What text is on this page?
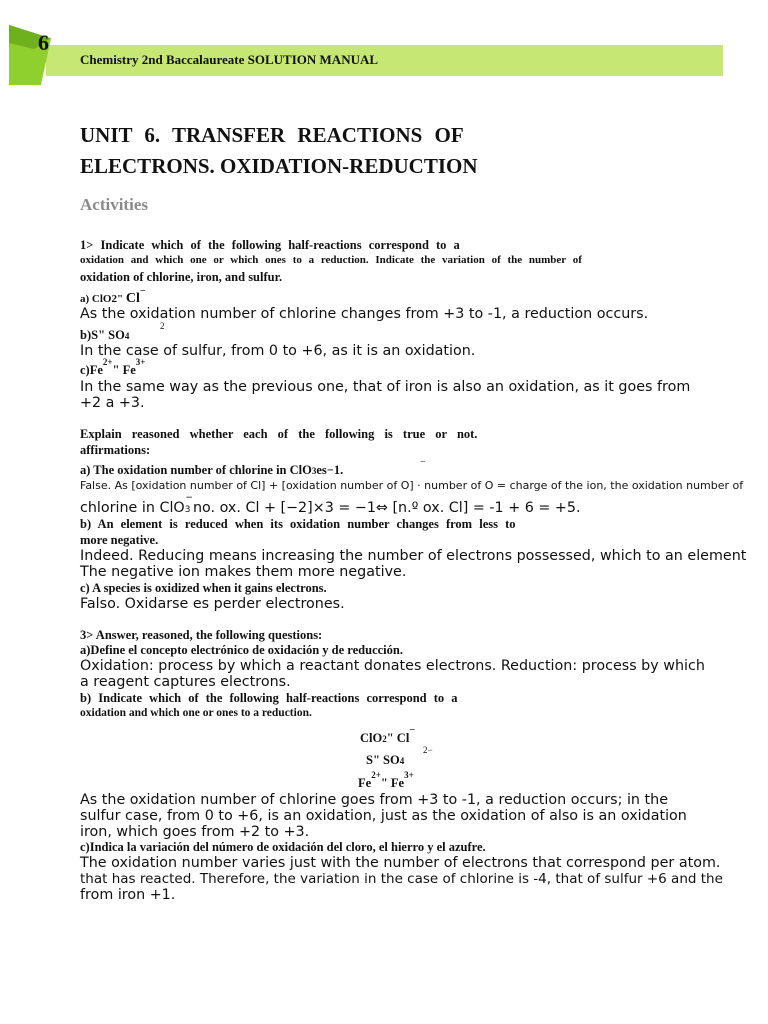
6
Chemistry 2nd Baccalaureate SOLUTION MANUAL
UNIT 6. TRANSFER REACTIONS OF
ELECTRONS. OXIDATION-REDUCTION
Activities
1> Indicate which of the following half-reactions correspond to a
oxidation and which one or which ones to a reduction. Indicate the variation of the number of
oxidation of chlorine, iron, and sulfur.
a) ClO2" Cl−
As the oxidation number of chlorine changes from +3 to -1, a reduction occurs.
b)S" SO4
2
In the case of sulfur, from 0 to +6, as it is an oxidation.
$c)Fe^{2+}$" $Fe^{3+}$
In the same way as the previous one, that of iron is also an oxidation, as it goes from
+2 a +3.
Explain reasoned whether each of the following is true or not.
affirmations:
a) The oxidation number of chlorine in ClO3es−1.
−
False. As [oxidation number of Cl] + [oxidation number of O] · number of O = charge of the ion, the oxidation number of
chlorine in ClO3−no. ox. Cl + [−2]×3 = −1⇔ [n.º ox. Cl] = -1 + 6 = +5.
b) An element is reduced when its oxidation number changes from less to
more negative.
Indeed. Reducing means increasing the number of electrons possessed, which to an element
The negative ion makes them more negative.
c) A species is oxidized when it gains electrons.
Falso. Oxidarse es perder electrones.
3> Answer, reasoned, the following questions:
a)Define el concepto electrónico de oxidación y de reducción.
Oxidation: process by which a reactant donates electrons. Reduction: process by which
a reagent captures electrons.
b) Indicate which of the following half-reactions correspond to a
oxidation and which one or ones to a reduction.
ClO2" Cl−
S" SO4
2−
$Fe^{2+}$" $Fe^{3+}$
As the oxidation number of chlorine goes from +3 to -1, a reduction occurs; in the
sulfur case, from 0 to +6, is an oxidation, just as the oxidation of also is an oxidation
iron, which goes from +2 to +3.
c)Indica la variación del número de oxidación del cloro, el hierro y el azufre.
The oxidation number varies just with the number of electrons that correspond per atom.
that has reacted. Therefore, the variation in the case of chlorine is -4, that of sulfur +6 and the
from iron +1.
